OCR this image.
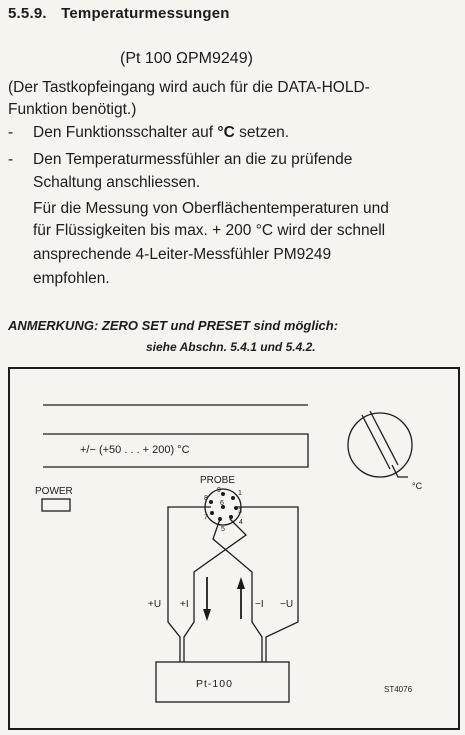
5.5.9. Temperaturmessungen
(Pt 100 ΩPM9249)
(Der Tastkopfeingang wird auch für die DATA-HOLD-
Funktion benötigt.)
- Den Funktionsschalter auf °C setzen.
- Den Temperaturmessfühler an die zu prüfende
Schaltung anschliessen.
Für die Messung von Oberflächentemperaturen und
für Flüssigkeiten bis max. + 200 °C wird der schnell
ansprechende 4-Leiter-Messfühler PM9249
empfohlen.
ANMERKUNG: ZERO SET und PRESET sind möglich:
siehe Abschn. 5.4.1 und 5.4.2.
+/− (+50 . . . + 200) °C
POWER
PROBE
9 1
8
6
7
3
4
5
+U +I	−I −U
Pt-100
°C
ST4076
